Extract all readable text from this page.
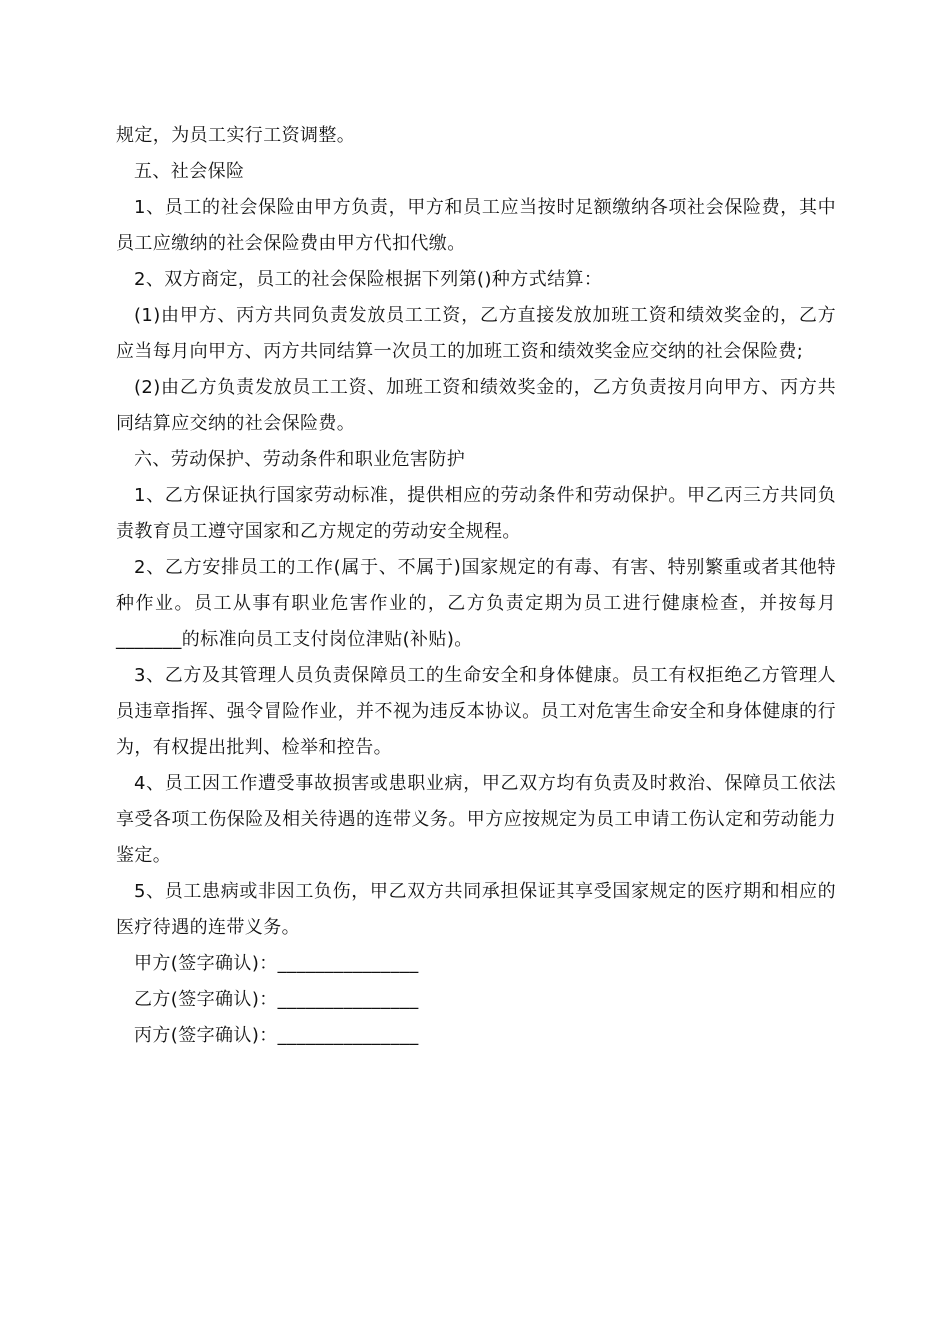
规定，为员工实行工资调整。

五、社会保险

1、员工的社会保险由甲方负责，甲方和员工应当按时足额缴纳各项社会保险费，其中员工应缴纳的社会保险费由甲方代扣代缴。

2、双方商定，员工的社会保险根据下列第()种方式结算：

(1)由甲方、丙方共同负责发放员工工资，乙方直接发放加班工资和绩效奖金的，乙方应当每月向甲方、丙方共同结算一次员工的加班工资和绩效奖金应交纳的社会保险费;

(2)由乙方负责发放员工工资、加班工资和绩效奖金的，乙方负责按月向甲方、丙方共同结算应交纳的社会保险费。

六、劳动保护、劳动条件和职业危害防护

1、乙方保证执行国家劳动标准，提供相应的劳动条件和劳动保护。甲乙丙三方共同负责教育员工遵守国家和乙方规定的劳动安全规程。

2、乙方安排员工的工作(属于、不属于)国家规定的有毒、有害、特别繁重或者其他特种作业。员工从事有职业危害作业的，乙方负责定期为员工进行健康检查，并按每月_______的标准向员工支付岗位津贴(补贴)。

3、乙方及其管理人员负责保障员工的生命安全和身体健康。员工有权拒绝乙方管理人员违章指挥、强令冒险作业，并不视为违反本协议。员工对危害生命安全和身体健康的行为，有权提出批判、检举和控告。

4、员工因工作遭受事故损害或患职业病，甲乙双方均有负责及时救治、保障员工依法享受各项工伤保险及相关待遇的连带义务。甲方应按规定为员工申请工伤认定和劳动能力鉴定。

5、员工患病或非因工负伤，甲乙双方共同承担保证其享受国家规定的医疗期和相应的医疗待遇的连带义务。

甲方(签字确认)：_______________

乙方(签字确认)：_______________

丙方(签字确认)：_______________
